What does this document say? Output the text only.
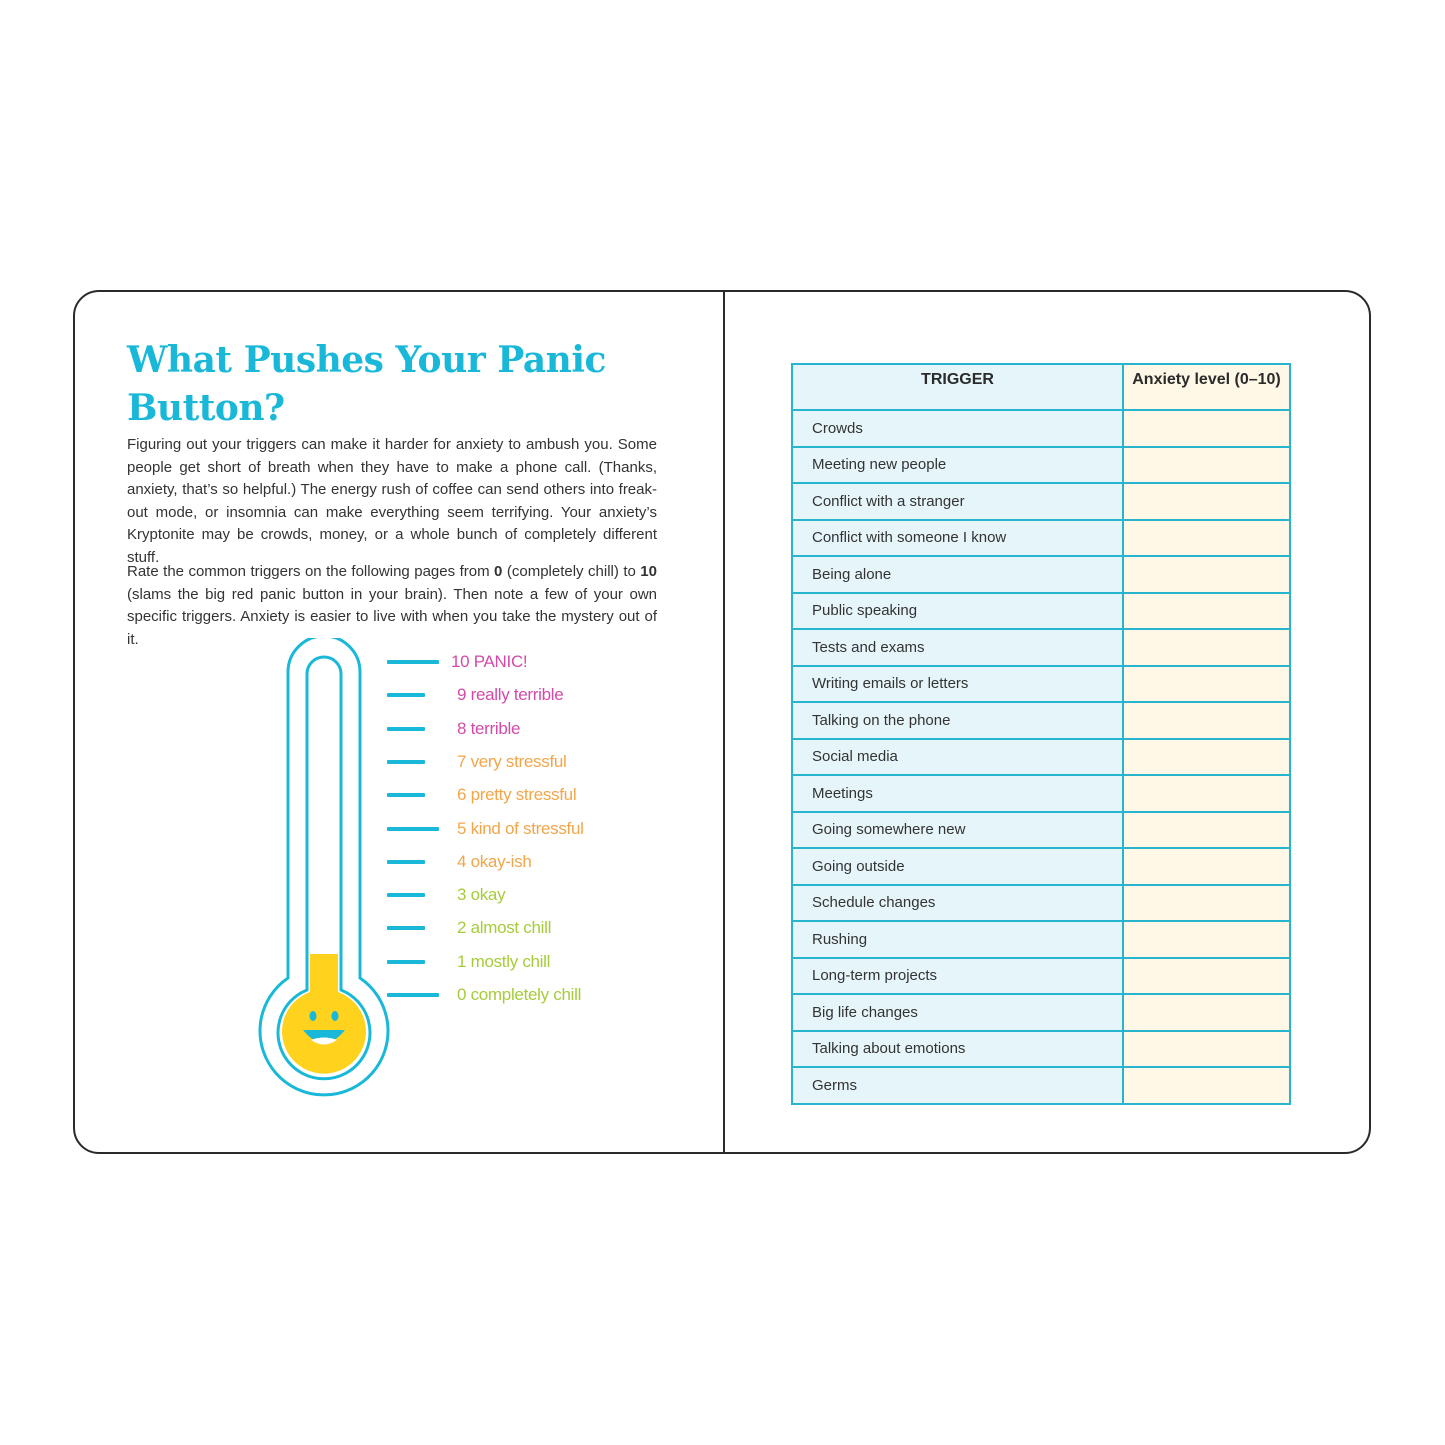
What Pushes Your Panic Button?

Figuring out your triggers can make it harder for anxiety to ambush you. Some people get short of breath when they have to make a phone call. (Thanks, anxiety, that’s so helpful.) The energy rush of coffee can send others into freak-out mode, or insomnia can make everything seem terrifying. Your anxiety’s Kryptonite may be crowds, money, or a whole bunch of completely different stuff.

Rate the common triggers on the following pages from 0 (completely chill) to 10 (slams the big red panic button in your brain). Then note a few of your own specific triggers. Anxiety is easier to live with when you take the mystery out of it.

10 PANIC!
9 really terrible
8 terrible
7 very stressful
6 pretty stressful
5 kind of stressful
4 okay-ish
3 okay
2 almost chill
1 mostly chill
0 completely chill
TRIGGER	Anxiety level (0–10)
Crowds	
Meeting new people	
Conflict with a stranger	
Conflict with someone I know	
Being alone	
Public speaking	
Tests and exams	
Writing emails or letters	
Talking on the phone	
Social media	
Meetings	
Going somewhere new	
Going outside	
Schedule changes	
Rushing	
Long-term projects	
Big life changes	
Talking about emotions	
Germs	
